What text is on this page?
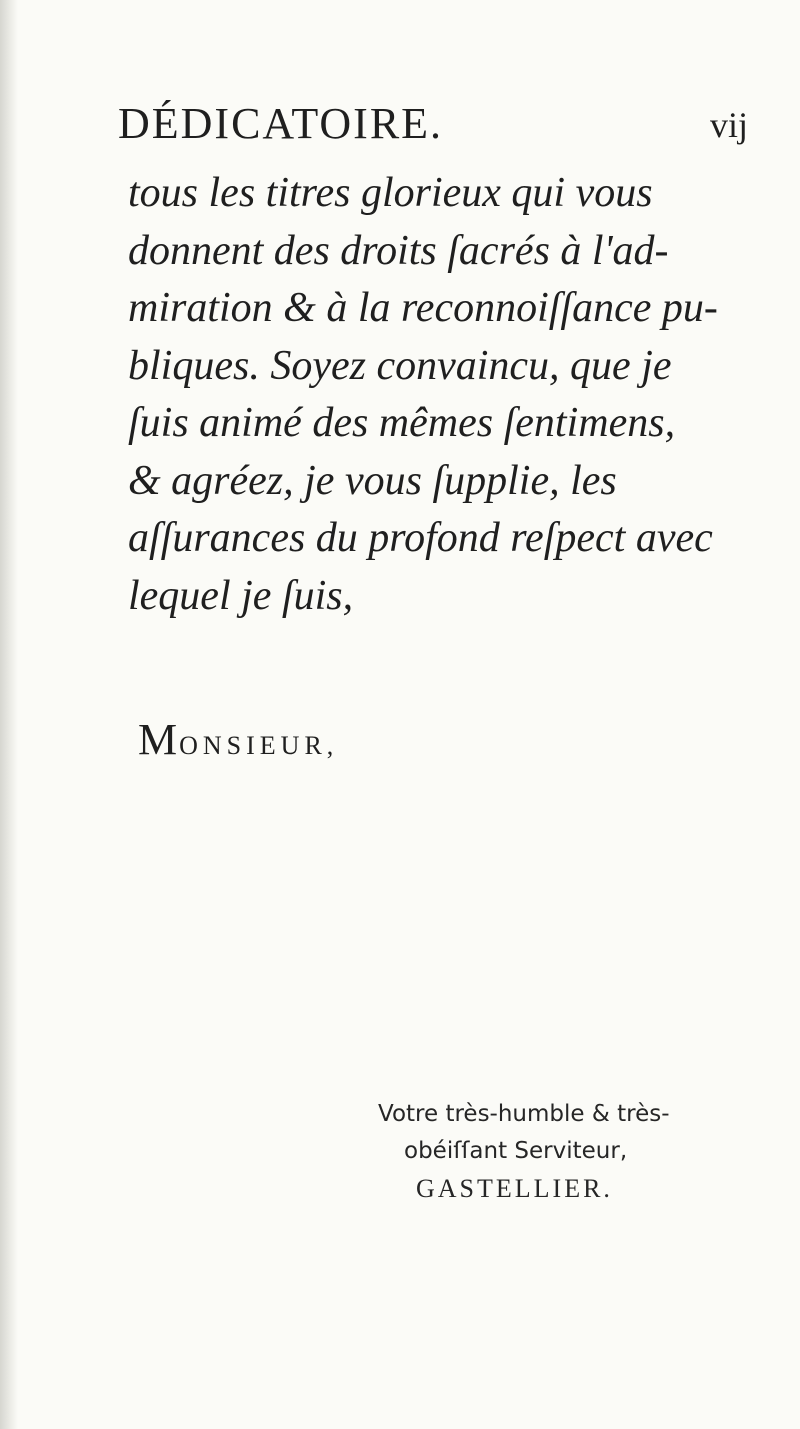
DÉDICATOIRE.	vij
tous les titres glorieux qui vous
donnent des droits ſacrés à l'ad-
miration & à la reconnoiſſance pu-
bliques. Soyez convaincu, que je
ſuis animé des mêmes ſentimens,
& agréez, je vous ſupplie, les
aſſurances du profond reſpect avec
lequel je ſuis,
MONSIEUR,
Votre très-humble & très-
obéiſſant Serviteur,
GASTELLIER.
